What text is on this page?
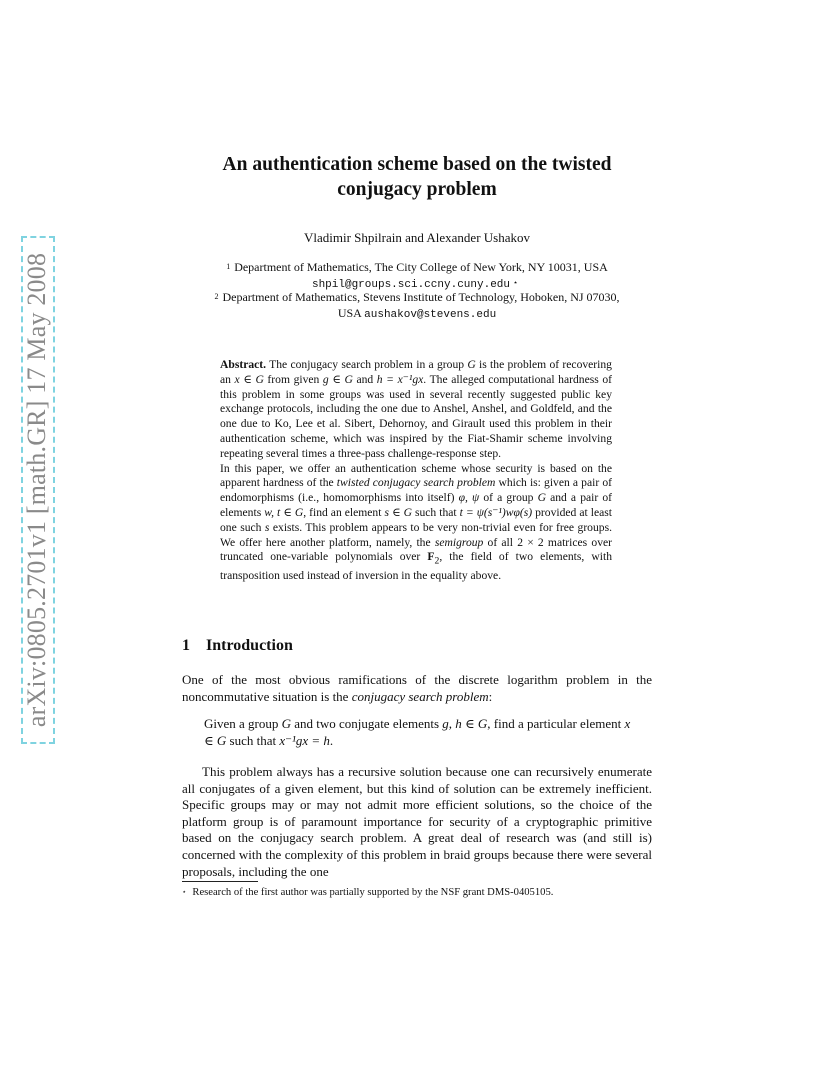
arXiv:0805.2701v1 [math.GR] 17 May 2008
An authentication scheme based on the twisted
conjugacy problem
Vladimir Shpilrain and Alexander Ushakov
$^1$ Department of Mathematics, The City College of New York, NY 10031, USA
shpil@groups.sci.ccny.cuny.edu ⋆
$^2$ Department of Mathematics, Stevens Institute of Technology, Hoboken, NJ 07030,
USA aushakov@stevens.edu

Abstract. The conjugacy search problem in a group G is the problem of recovering an x ∈ G from given g ∈ G and h = x⁻¹gx. The alleged computational hardness of this problem in some groups was used in several recently suggested public key exchange protocols, including the one due to Anshel, Anshel, and Goldfeld, and the one due to Ko, Lee et al. Sibert, Dehornoy, and Girault used this problem in their authentication scheme, which was inspired by the Fiat-Shamir scheme involving repeating several times a three-pass challenge-response step.

In this paper, we offer an authentication scheme whose security is based on the apparent hardness of the twisted conjugacy search problem which is: given a pair of endomorphisms (i.e., homomorphisms into itself) φ, ψ of a group G and a pair of elements w, t ∈ G, find an element s ∈ G such that t = ψ(s⁻¹)wφ(s) provided at least one such s exists. This problem appears to be very non-trivial even for free groups. We offer here another platform, namely, the semigroup of all 2 × 2 matrices over truncated one-variable polynomials over $F_2$, the field of two elements, with transposition used instead of inversion in the equality above.

1 Introduction

One of the most obvious ramifications of the discrete logarithm problem in the noncommutative situation is the conjugacy search problem:

Given a group G and two conjugate elements g, h ∈ G, find a particular element x ∈ G such that x⁻¹gx = h.

This problem always has a recursive solution because one can recursively enumerate all conjugates of a given element, but this kind of solution can be extremely inefficient. Specific groups may or may not admit more efficient solutions, so the choice of the platform group is of paramount importance for security of a cryptographic primitive based on the conjugacy search problem. A great deal of research was (and still is) concerned with the complexity of this problem in braid groups because there were several proposals, including the one

⋆ Research of the first author was partially supported by the NSF grant DMS-0405105.
